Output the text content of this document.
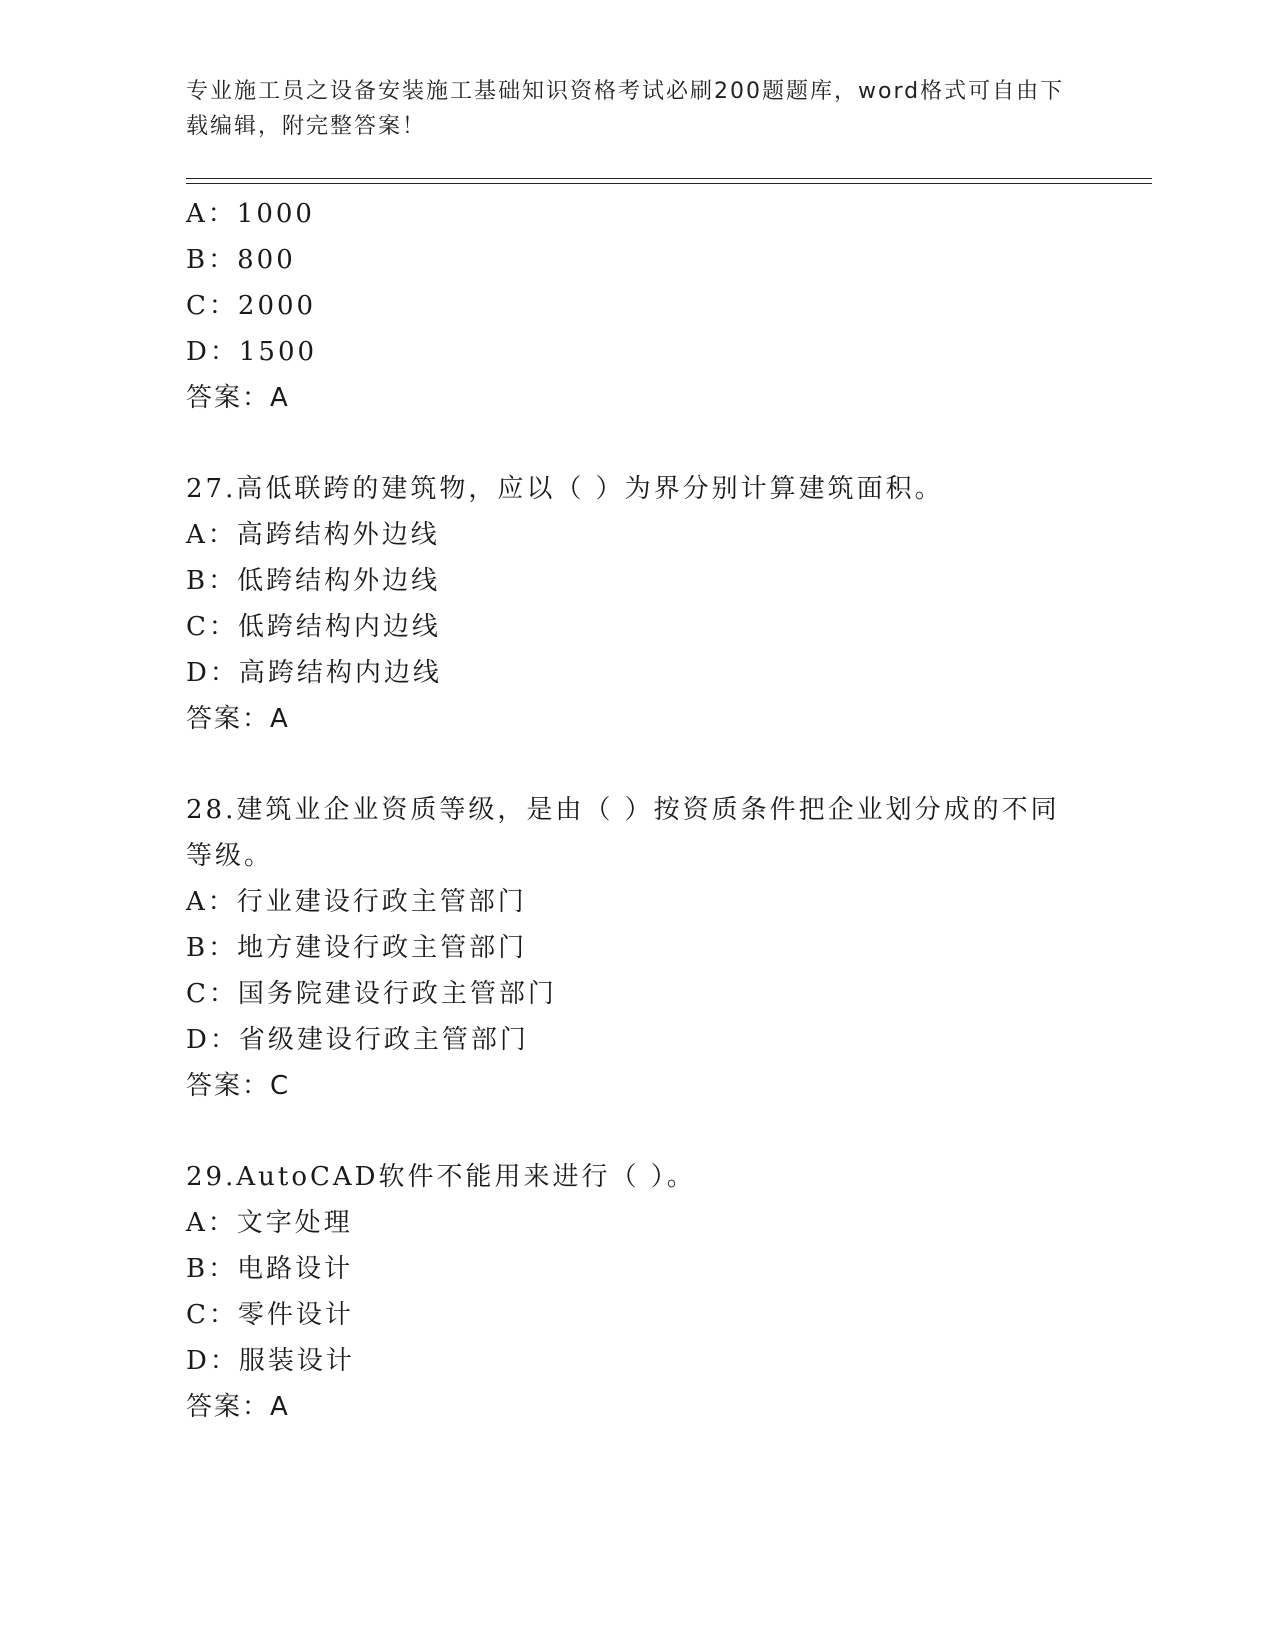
专业施工员之设备安装施工基础知识资格考试必刷200题题库，word格式可自由下载编辑，附完整答案！
A：1000
B：800
C：2000
D：1500
答案：A
27.高低联跨的建筑物，应以（ ）为界分别计算建筑面积。
A：高跨结构外边线
B：低跨结构外边线
C：低跨结构内边线
D：高跨结构内边线
答案：A
28.建筑业企业资质等级，是由（ ）按资质条件把企业划分成的不同等级。
A：行业建设行政主管部门
B：地方建设行政主管部门
C：国务院建设行政主管部门
D：省级建设行政主管部门
答案：C
29.AutoCAD软件不能用来进行（ ）。
A：文字处理
B：电路设计
C：零件设计
D：服装设计
答案：A
